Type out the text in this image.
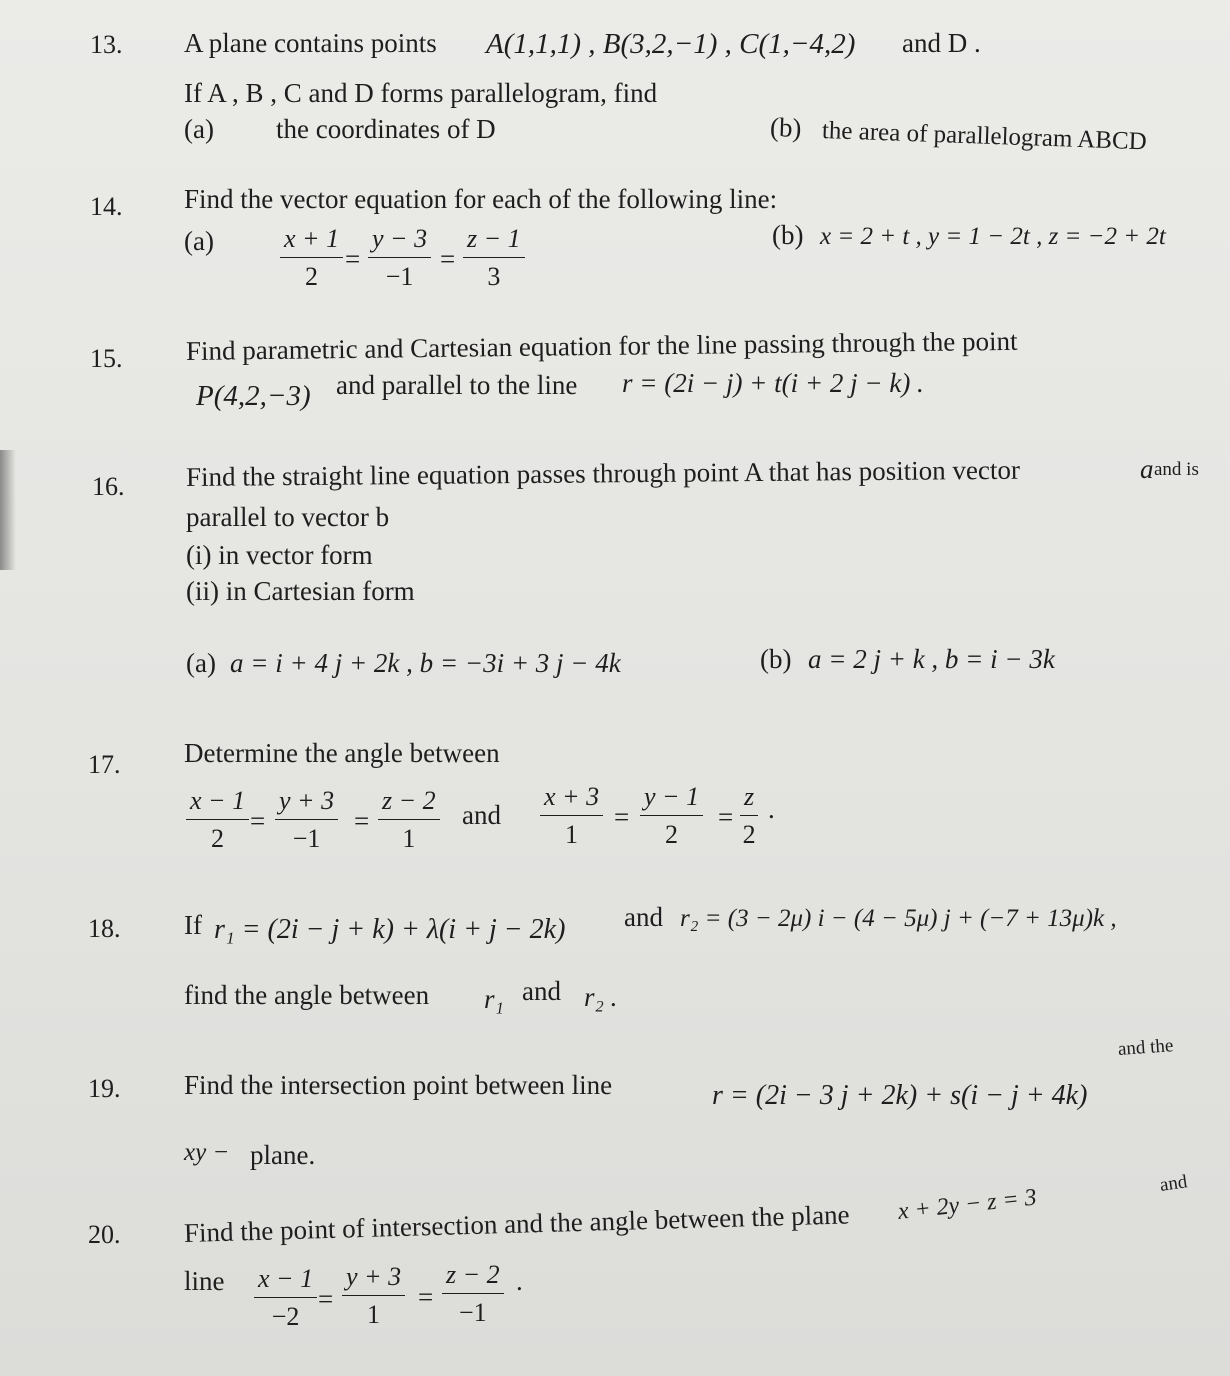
13. A plane contains points A(1,1,1) , B(3,2,−1) , C(1,−4,2) and D .
If A , B , C and D forms parallelogram, find
(a) the coordinates of D	(b) the area of parallelogram ABCD
14. Find the vector equation for each of the following line:
(a)	$\frac{x + 1}{2} = \frac{y - 3}{-1} = \frac{z - 1}{3}$	(b) x = 2 + t , y = 1 − 2t , z = −2 + 2t
15. Find parametric and Cartesian equation for the line passing through the point
P(4,2,−3) and parallel to the line r = (2i − j) + t(i + 2 j − k) .
16. Find the straight line equation passes through point A that has position vector	a and is
parallel to vector b
(i) in vector form
(ii) in Cartesian form
(a) a = i + 4 j + 2k , b = −3i + 3 j − 4k	(b) a = 2 j + k , b = i − 3k
17. Determine the angle between
$\frac{x - 1}{2} = \frac{y + 3}{-1} = \frac{z - 2}{1}$ and $\frac{x + 3}{1} = \frac{y - 1}{2} = \frac{z}{2}$ .
18. If r₁ = (2i − j + k) + λ(i + j − 2k) and r₂ = (3 − 2μ) i − (4 − 5μ) j + (−7 + 13μ)k ,
find the angle between r₁ and r₂ .
19. Find the intersection point between line	r = (2i − 3 j + 2k) + s(i − j + 4k)
and the
xy − plane.
20. Find the point of intersection and the angle between the plane x + 2y − z = 3
and
line $\frac{x - 1}{-2} = \frac{y + 3}{1} = \frac{z - 2}{-1}$ .
